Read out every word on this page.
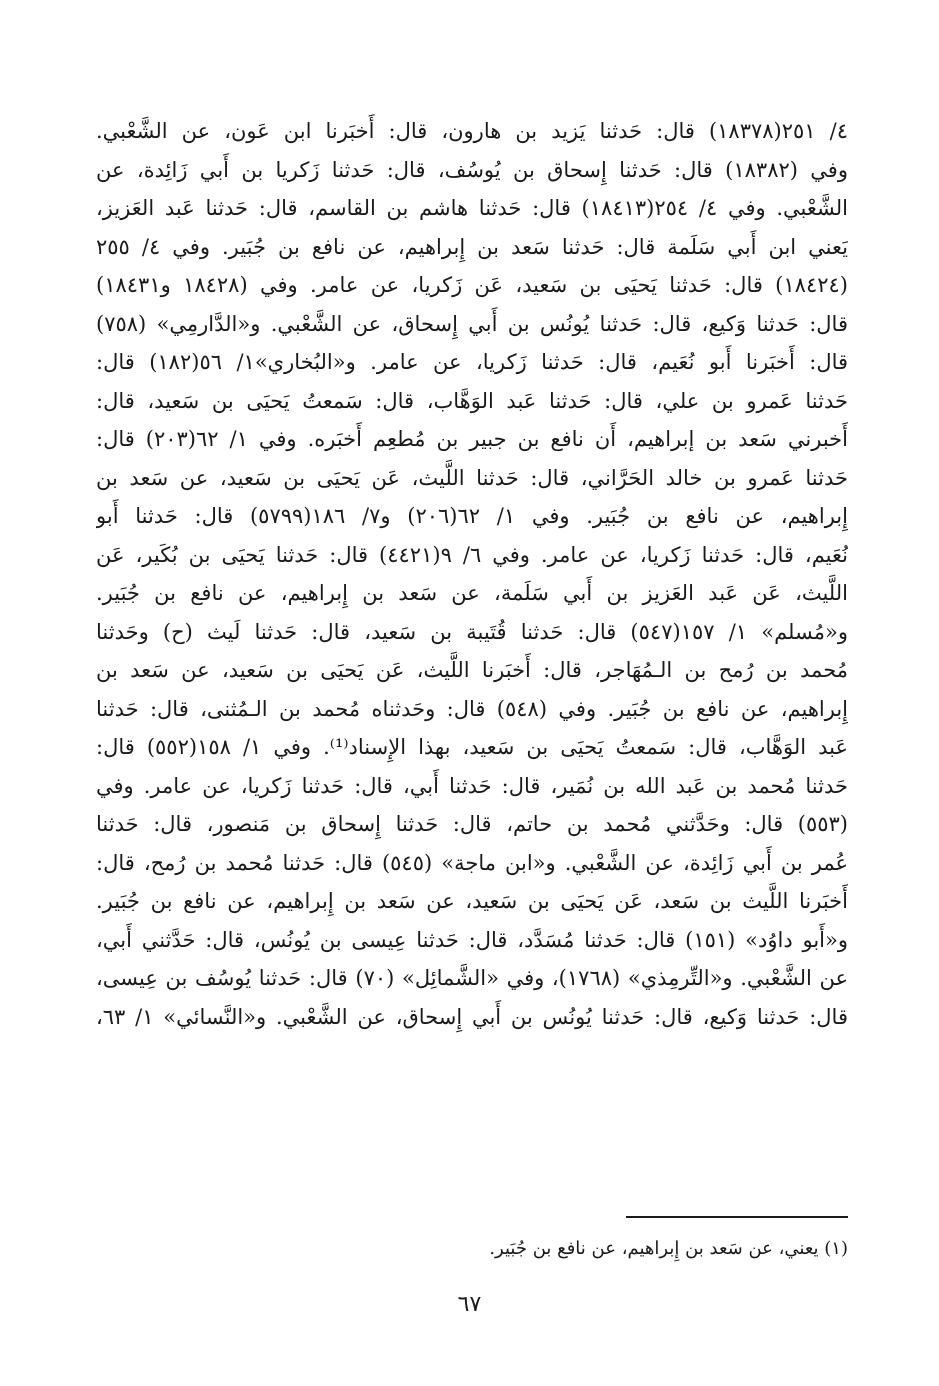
٤/ ٢٥١(١٨٣٧٨) قال: حَدثنا يَزيد بن هارون، قال: أَخبَرنا ابن عَون، عن الشَّعْبي.
وفي (١٨٣٨٢) قال: حَدثنا إِسحاق بن يُوسُف، قال: حَدثنا زَكريا بن أَبي زَائِدة، عن
الشَّعْبي. وفي ٤/ ٢٥٤(١٨٤١٣) قال: حَدثنا هاشم بن القاسم، قال: حَدثنا عَبد العَزيز،
يَعني ابن أَبي سَلَمة قال: حَدثنا سَعد بن إِبراهيم، عن نافع بن جُبَير. وفي ٤/ ٢٥٥
(١٨٤٢٤) قال: حَدثنا يَحيَى بن سَعيد، عَن زَكريا، عن عامر. وفي (١٨٤٢٨ و١٨٤٣١)
قال: حَدثنا وَكيع، قال: حَدثنا يُونُس بن أَبي إِسحاق، عن الشَّعْبي. و«الدَّارمِي» (٧٥٨)
قال: أَخبَرنا أَبو نُعَيم، قال: حَدثنا زَكريا، عن عامر. و«البُخاري»١/ ٥٦(١٨٢) قال:
حَدثنا عَمرو بن علي، قال: حَدثنا عَبد الوَهَّاب، قال: سَمعتُ يَحيَى بن سَعيد، قال:
أَخبرني سَعد بن إبراهيم، أَن نافع بن جبير بن مُطعِم أَخبَره. وفي ١/ ٦٢(٢٠٣) قال:
حَدثنا عَمرو بن خالد الحَرَّاني، قال: حَدثنا اللَّيث، عَن يَحيَى بن سَعيد، عن سَعد بن
إِبراهيم، عن نافع بن جُبَير. وفي ١/ ٦٢(٢٠٦) و٧/ ١٨٦(٥٧٩٩) قال: حَدثنا أَبو
نُعَيم، قال: حَدثنا زَكريا، عن عامر. وفي ٦/ ٩(٤٤٢١) قال: حَدثنا يَحيَى بن بُكَير، عَن
اللَّيث، عَن عَبد العَزيز بن أَبي سَلَمة، عن سَعد بن إِبراهيم، عن نافع بن جُبَير.
و«مُسلم» ١/ ١٥٧(٥٤٧) قال: حَدثنا قُتَيبة بن سَعيد، قال: حَدثنا لَيث (ح) وحَدثنا
مُحمد بن رُمح بن الـمُهَاجر، قال: أَخبَرنا اللَّيث، عَن يَحيَى بن سَعيد، عن سَعد بن
إِبراهيم، عن نافع بن جُبَير. وفي (٥٤٨) قال: وحَدثناه مُحمد بن الـمُثنى، قال: حَدثنا
عَبد الوَهَّاب، قال: سَمعتُ يَحيَى بن سَعيد، بهذا الإِسناد⁽¹⁾. وفي ١/ ١٥٨(٥٥٢) قال:
حَدثنا مُحمد بن عَبد الله بن نُمَير، قال: حَدثنا أَبي، قال: حَدثنا زَكريا، عن عامر. وفي
(٥٥٣) قال: وحَدَّثني مُحمد بن حاتم، قال: حَدثنا إِسحاق بن مَنصور، قال: حَدثنا
عُمر بن أَبي زَائِدة، عن الشَّعْبي. و«ابن ماجة» (٥٤٥) قال: حَدثنا مُحمد بن رُمح، قال:
أَخبَرنا اللَّيث بن سَعد، عَن يَحيَى بن سَعيد، عن سَعد بن إِبراهيم، عن نافع بن جُبَير.
و«أَبو داوُد» (١٥١) قال: حَدثنا مُسَدَّد، قال: حَدثنا عِيسى بن يُونُس، قال: حَدَّثني أَبي،
عن الشَّعْبي. و«التِّرمِذي» (١٧٦٨)، وفي «الشَّمائِل» (٧٠) قال: حَدثنا يُوسُف بن عِيسى،
قال: حَدثنا وَكيع، قال: حَدثنا يُونُس بن أَبي إِسحاق، عن الشَّعْبي. و«النَّسائي» ١/ ٦٣،
(١) يعني، عن سَعد بن إِبراهيم، عن نافع بن جُبَير.
٦٧
